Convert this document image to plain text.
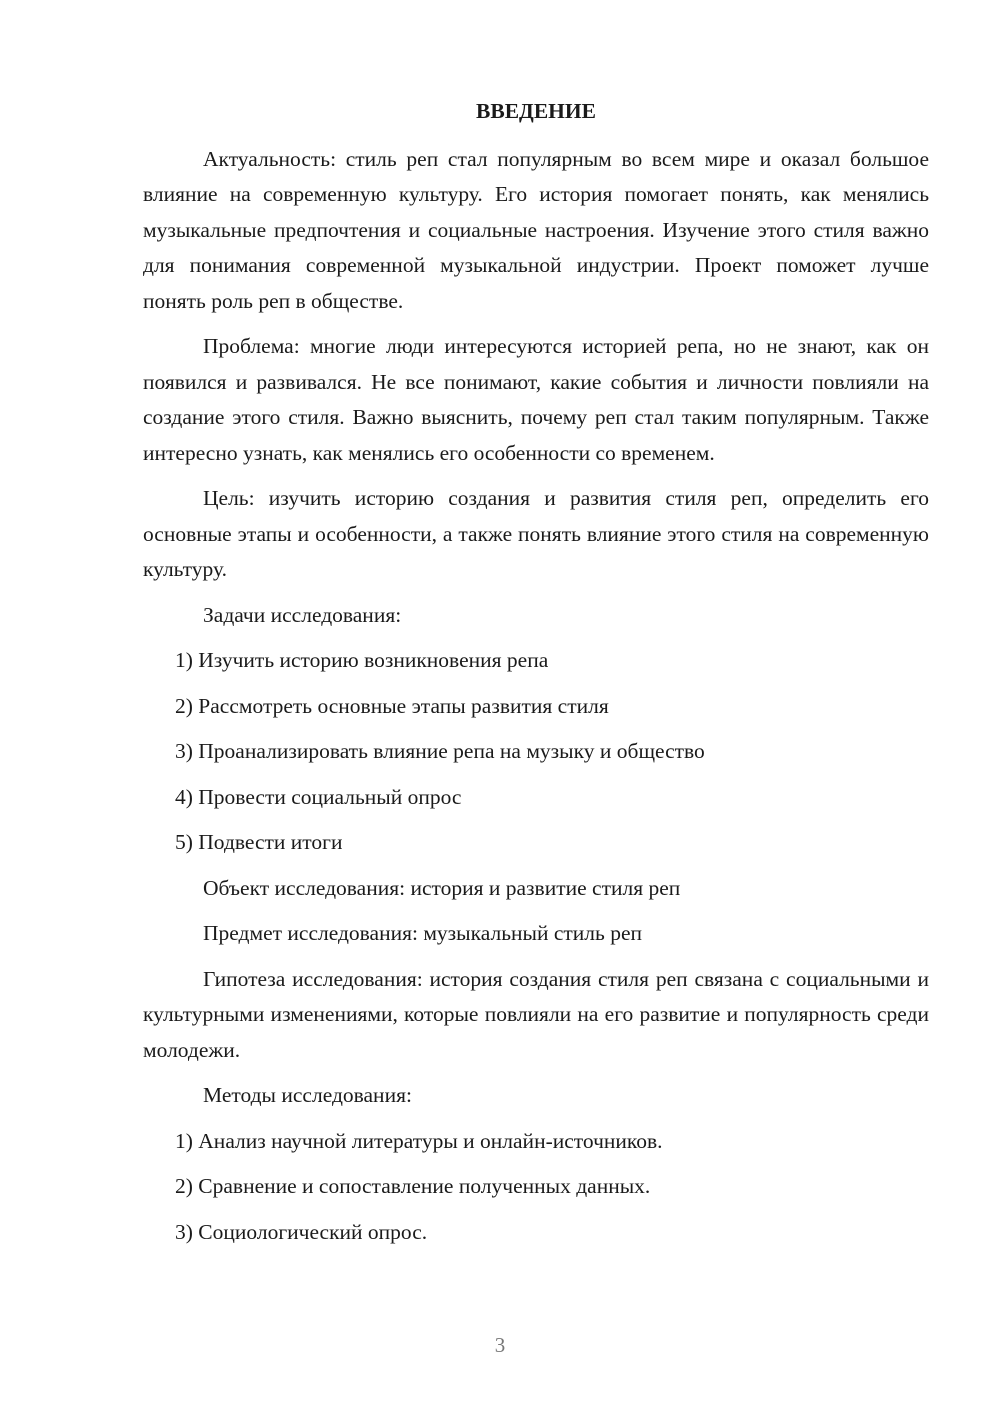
ВВЕДЕНИЕ

Актуальность: стиль реп стал популярным во всем мире и оказал большое влияние на современную культуру. Его история помогает понять, как менялись музыкальные предпочтения и социальные настроения. Изучение этого стиля важно для понимания современной музыкальной индустрии. Проект поможет лучше понять роль реп в обществе.

Проблема: многие люди интересуются историей репа, но не знают, как он появился и развивался. Не все понимают, какие события и личности повлияли на создание этого стиля. Важно выяснить, почему реп стал таким популярным. Также интересно узнать, как менялись его особенности со временем.

Цель: изучить историю создания и развития стиля реп, определить его основные этапы и особенности, а также понять влияние этого стиля на современную культуру.

Задачи исследования:

1) Изучить историю возникновения репа

2) Рассмотреть основные этапы развития стиля

3) Проанализировать влияние репа на музыку и общество

4) Провести социальный опрос

5) Подвести итоги

Объект исследования: история и развитие стиля реп

Предмет исследования: музыкальный стиль реп

Гипотеза исследования: история создания стиля реп связана с социальными и культурными изменениями, которые повлияли на его развитие и популярность среди молодежи.

Методы исследования:

1) Анализ научной литературы и онлайн-источников.

2) Сравнение и сопоставление полученных данных.

3) Социологический опрос.

3
